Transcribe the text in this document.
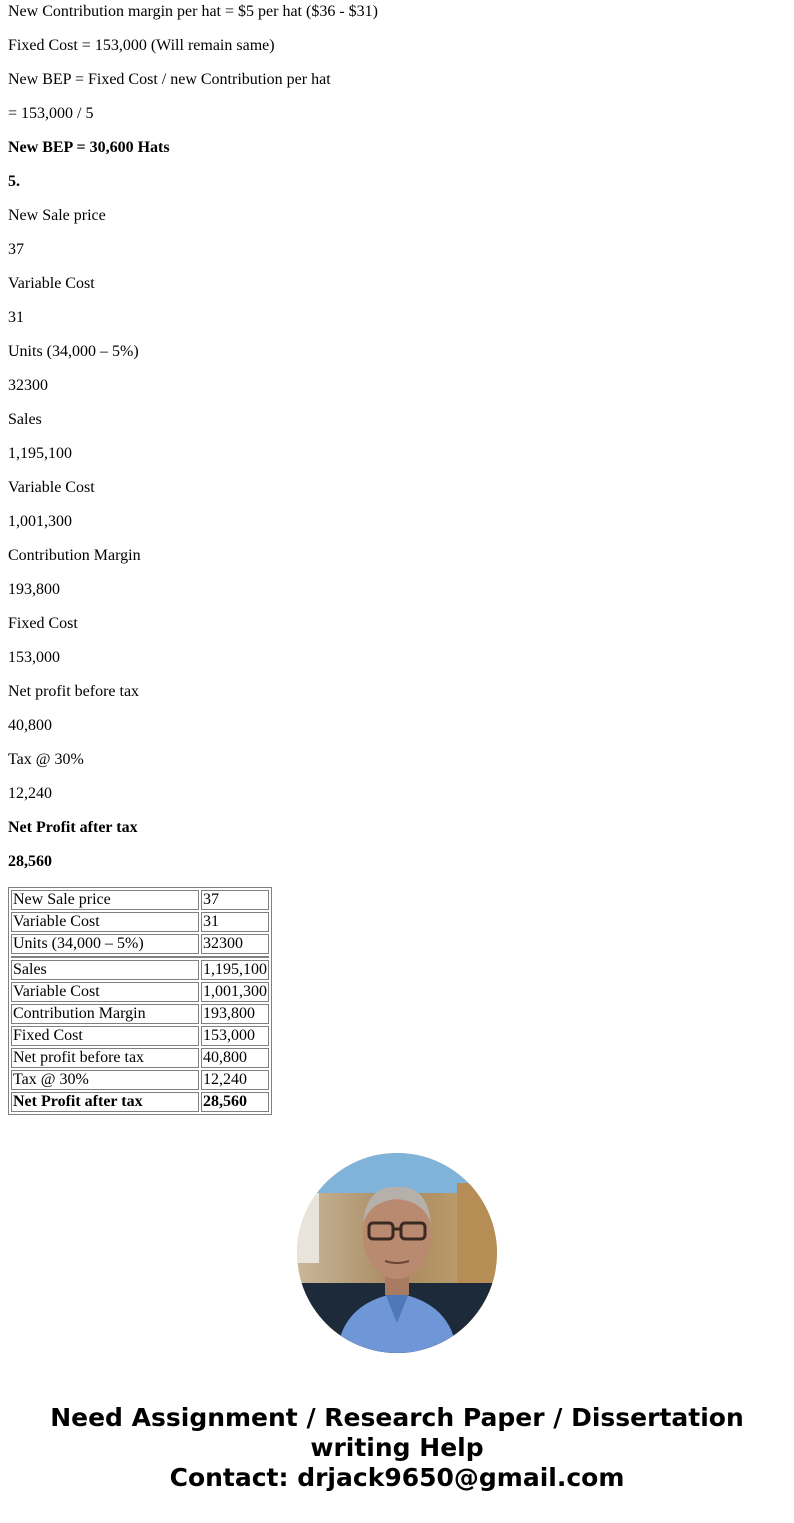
New Contribution margin per hat = $5 per hat ($36 - $31)

Fixed Cost = 153,000 (Will remain same)

New BEP = Fixed Cost / new Contribution per hat

= 153,000 / 5

New BEP = 30,600 Hats

5.

New Sale price

37

Variable Cost

31

Units (34,000 – 5%)

32300

Sales

1,195,100

Variable Cost

1,001,300

Contribution Margin

193,800

Fixed Cost

153,000

Net profit before tax

40,800

Tax @ 30%

12,240

Net Profit after tax

28,560

New Sale price	37
Variable Cost	31
Units (34,000 – 5%)	32300

Sales	1,195,100
Variable Cost	1,001,300
Contribution Margin	193,800
Fixed Cost	153,000
Net profit before tax	40,800
Tax @ 30%	12,240
Net Profit after tax	28,560
Need Assignment / Research Paper / Dissertation
writing Help
Contact: drjack9650@gmail.com
